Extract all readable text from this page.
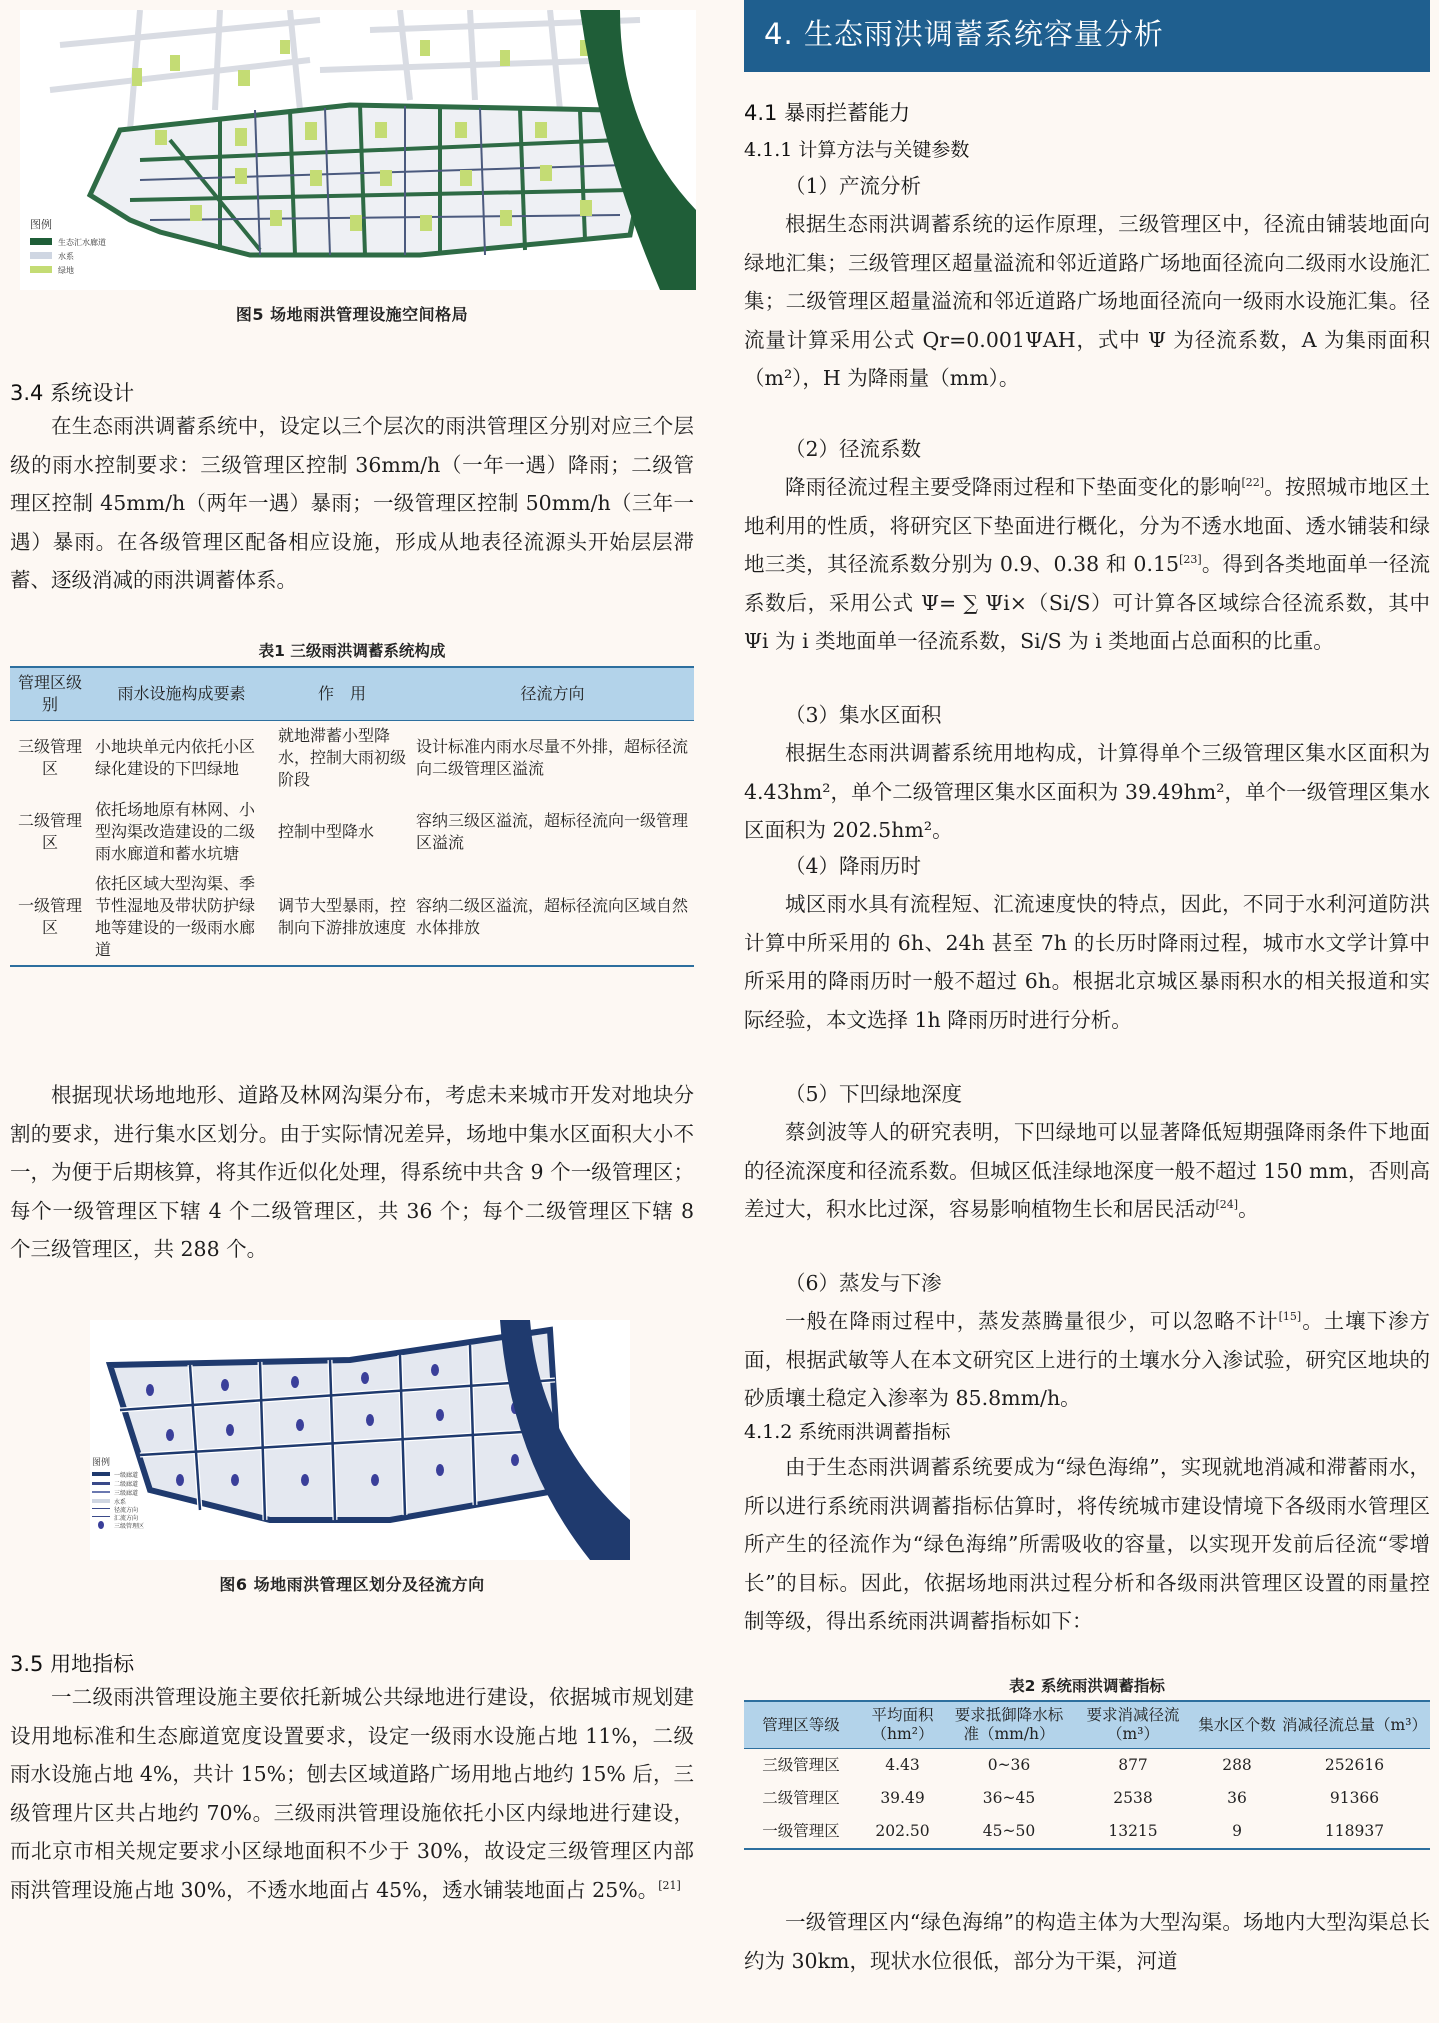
图例
生态汇水廊道
水系
绿地
图5 场地雨洪管理设施空间格局
3.4 系统设计

在生态雨洪调蓄系统中，设定以三个层次的雨洪管理区分别对应三个层级的雨水控制要求：三级管理区控制 36mm/h（一年一遇）降雨；二级管理区控制 45mm/h（两年一遇）暴雨；一级管理区控制 50mm/h（三年一遇）暴雨。在各级管理区配备相应设施，形成从地表径流源头开始层层滞蓄、逐级消减的雨洪调蓄体系。

表1 三级雨洪调蓄系统构成
管理区级别	雨水设施构成要素	作　用	径流方向
三级管理区	小地块单元内依托小区绿化建设的下凹绿地	就地滞蓄小型降水，控制大雨初级阶段	设计标准内雨水尽量不外排，超标径流向二级管理区溢流
二级管理区	依托场地原有林网、小型沟渠改造建设的二级雨水廊道和蓄水坑塘	控制中型降水	容纳三级区溢流，超标径流向一级管理区溢流
一级管理区	依托区域大型沟渠、季节性湿地及带状防护绿地等建设的一级雨水廊道	调节大型暴雨，控制向下游排放速度	容纳二级区溢流，超标径流向区域自然水体排放

根据现状场地地形、道路及林网沟渠分布，考虑未来城市开发对地块分割的要求，进行集水区划分。由于实际情况差异，场地中集水区面积大小不一，为便于后期核算，将其作近似化处理，得系统中共含 9 个一级管理区；每个一级管理区下辖 4 个二级管理区，共 36 个；每个二级管理区下辖 8 个三级管理区，共 288 个。

图例
一级廊道
二级廊道
三级廊道
水系
径流方向
汇流方向
三级管理区
图6 场地雨洪管理区划分及径流方向
3.5 用地指标

一二级雨洪管理设施主要依托新城公共绿地进行建设，依据城市规划建设用地标准和生态廊道宽度设置要求，设定一级雨水设施占地 11%，二级雨水设施占地 4%，共计 15%；刨去区域道路广场用地占地约 15% 后，三级管理片区共占地约 70%。三级雨洪管理设施依托小区内绿地进行建设，而北京市相关规定要求小区绿地面积不少于 30%，故设定三级管理区内部雨洪管理设施占地 30%，不透水地面占 45%，透水铺装地面占 25%。[21]

4. 生态雨洪调蓄系统容量分析
4.1 暴雨拦蓄能力
4.1.1 计算方法与关键参数

（1）产流分析

根据生态雨洪调蓄系统的运作原理，三级管理区中，径流由铺装地面向绿地汇集；三级管理区超量溢流和邻近道路广场地面径流向二级雨水设施汇集；二级管理区超量溢流和邻近道路广场地面径流向一级雨水设施汇集。径流量计算采用公式 Qr=0.001ΨAH，式中 Ψ 为径流系数，A 为集雨面积（m²），H 为降雨量（mm）。

（2）径流系数

降雨径流过程主要受降雨过程和下垫面变化的影响[22]。按照城市地区土地利用的性质，将研究区下垫面进行概化，分为不透水地面、透水铺装和绿地三类，其径流系数分别为 0.9、0.38 和 0.15[23]。得到各类地面单一径流系数后，采用公式 Ψ= ∑ Ψi×（Si/S）可计算各区域综合径流系数，其中 Ψi 为 i 类地面单一径流系数，Si/S 为 i 类地面占总面积的比重。

（3）集水区面积

根据生态雨洪调蓄系统用地构成，计算得单个三级管理区集水区面积为 4.43hm²，单个二级管理区集水区面积为 39.49hm²，单个一级管理区集水区面积为 202.5hm²。

（4）降雨历时

城区雨水具有流程短、汇流速度快的特点，因此，不同于水利河道防洪计算中所采用的 6h、24h 甚至 7h 的长历时降雨过程，城市水文学计算中所采用的降雨历时一般不超过 6h。根据北京城区暴雨积水的相关报道和实际经验，本文选择 1h 降雨历时进行分析。

（5）下凹绿地深度

蔡剑波等人的研究表明，下凹绿地可以显著降低短期强降雨条件下地面的径流深度和径流系数。但城区低洼绿地深度一般不超过 150 mm，否则高差过大，积水比过深，容易影响植物生长和居民活动[24]。

（6）蒸发与下渗

一般在降雨过程中，蒸发蒸腾量很少，可以忽略不计[15]。土壤下渗方面，根据武敏等人在本文研究区上进行的土壤水分入渗试验，研究区地块的砂质壤土稳定入渗率为 85.8mm/h。

4.1.2 系统雨洪调蓄指标

由于生态雨洪调蓄系统要成为“绿色海绵”，实现就地消减和滞蓄雨水，所以进行系统雨洪调蓄指标估算时，将传统城市建设情境下各级雨水管理区所产生的径流作为“绿色海绵”所需吸收的容量，以实现开发前后径流“零增长”的目标。因此，依据场地雨洪过程分析和各级雨洪管理区设置的雨量控制等级，得出系统雨洪调蓄指标如下：

表2 系统雨洪调蓄指标
管理区等级	平均面积（hm²）	要求抵御降水标准（mm/h）	要求消减径流（m³）	集水区个数	消减径流总量（m³）
三级管理区	4.43	0~36	877	288	252616
二级管理区	39.49	36~45	2538	36	91366
一级管理区	202.50	45~50	13215	9	118937

一级管理区内“绿色海绵”的构造主体为大型沟渠。场地内大型沟渠总长约为 30km，现状水位很低，部分为干渠，河道
